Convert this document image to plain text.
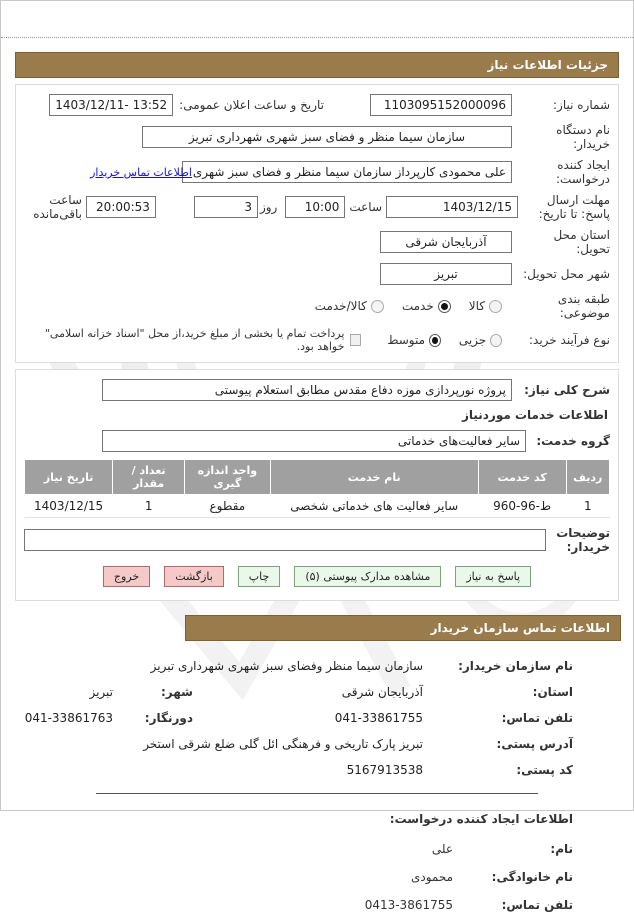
جزئیات اطلاعات نیاز
شماره نیاز:
1103095152000096
تاریخ و ساعت اعلان عمومی:
13:52 -1403/12/11
نام دستگاه خریدار:
سازمان سیما منظر و فضای سبز شهری شهرداری تبریز
ایجاد کننده درخواست:
علی محمودی کارپرداز سازمان سیما منظر و فضای سبز شهری شهرداری تبریز
اطلاعات تماس خریدار
مهلت ارسال پاسخ: تا تاریخ:
1403/12/15
ساعت
10:00
روز
3
20:00:53
ساعت باقی‌مانده
استان محل تحویل:
آذربایجان شرقی
شهر محل تحویل:
تبریز
طبقه بندی موضوعی:
کالا
خدمت
کالا/خدمت
نوع فرآیند خرید:
جزیی
متوسط
پرداخت تمام یا بخشی از مبلغ خرید،از محل "اسناد خزانه اسلامی" خواهد بود.
شرح کلی نیاز:
پروژه نورپردازی موزه دفاع مقدس مطابق استعلام پیوستی
اطلاعات خدمات موردنیاز
گروه خدمت:
سایر فعالیت‌های خدماتی
ردیف	کد خدمت	نام خدمت	واحد اندازه گیری	تعداد / مقدار	تاریخ نیاز
1	ط-96-960	سایر فعالیت های خدماتی شخصی	مقطوع	1	1403/12/15
توضیحات خریدار:
پاسخ به نیاز
مشاهده مدارک پیوستی (۵)
چاپ
بازگشت
خروج
اطلاعات تماس سازمان خریدار
نام سازمان خریدار:
سازمان سیما منظر وفضای سبز شهری شهرداری تبریز
استان:
آذربایجان شرقی
شهر:
تبریز
تلفن تماس:
041-33861755
دورنگار:
041-33861763
آدرس پستی:
تبریز پارک تاریخی و فرهنگی ائل گلی ضلع شرقی استخر
کد پستی:
5167913538
اطلاعات ایجاد کننده درخواست:
نام:
علی
نام خانوادگی:
محمودی
تلفن تماس:
0413-3861755
